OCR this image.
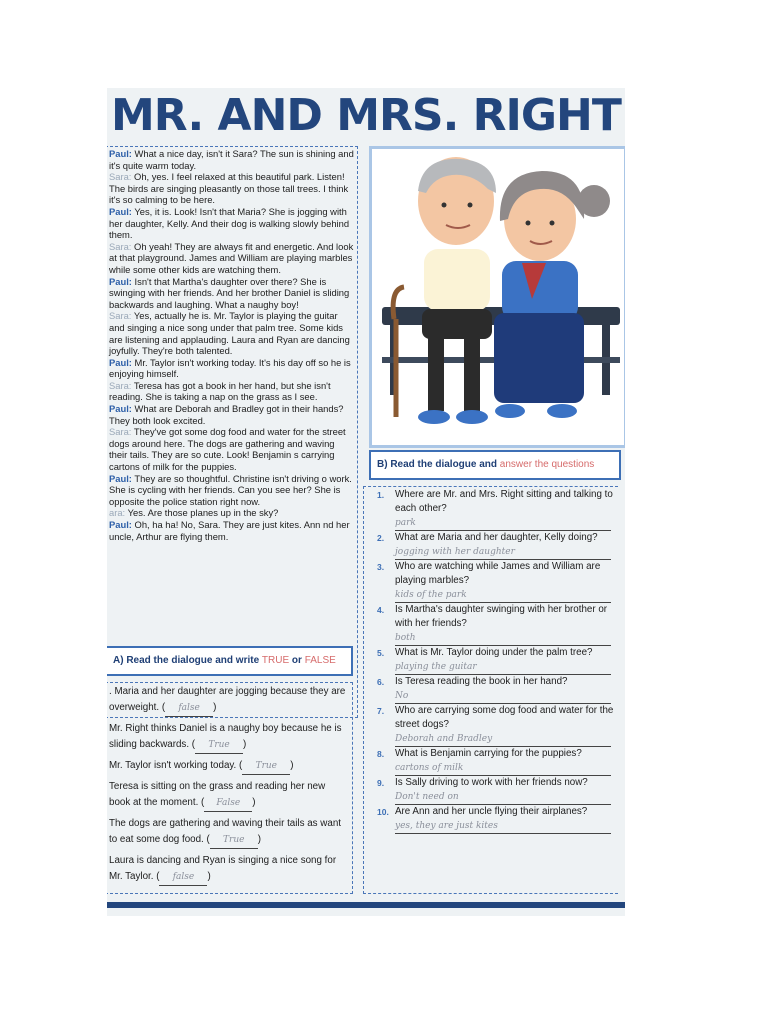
MR. AND MRS. RIGHT

Paul: What a nice day, isn't it Sara? The sun is shining and it's quite warm today.

Sara: Oh, yes. I feel relaxed at this beautiful park. Listen! The birds are singing pleasantly on those tall trees. I think it's so calming to be here.

Paul: Yes, it is. Look! Isn't that Maria? She is jogging with her daughter, Kelly. And their dog is walking slowly behind them.

Sara: Oh yeah! They are always fit and energetic. And look at that playground. James and William are playing marbles while some other kids are watching them.

Paul: Isn't that Martha's daughter over there? She is swinging with her friends. And her brother Daniel is sliding backwards and laughing. What a naughy boy!

Sara: Yes, actually he is. Mr. Taylor is playing the guitar and singing a nice song under that palm tree. Some kids are listening and applauding. Laura and Ryan are dancing joyfully. They're both talented.

Paul: Mr. Taylor isn't working today. It's his day off so he is enjoying himself.

Sara: Teresa has got a book in her hand, but she isn't reading. She is taking a nap on the grass as I see.

Paul: What are Deborah and Bradley got in their hands? They both look excited.

Sara: They've got some dog food and water for the street dogs around here. The dogs are gathering and waving their tails. They are so cute. Look! Benjamin s carrying cartons of milk for the puppies.

Paul: They are so thoughtful. Christine isn't driving o work. She is cycling with her friends. Can you see her? She is opposite the police station right now.

ara: Yes. Are those planes up in the sky?

Paul: Oh, ha ha! No, Sara. They are just kites. Ann nd her uncle, Arthur are flying them.

B) Read the dialogue and answer the questions
1. Where are Mr. and Mrs. Right sitting and talking to each other?
park
2. What are Maria and her daughter, Kelly doing?
jogging with her daughter
3. Who are watching while James and William are playing marbles?
kids of the park
4. Is Martha's daughter swinging with her brother or with her friends?
both
5. What is Mr. Taylor doing under the palm tree?
playing the guitar
6. Is Teresa reading the book in her hand?
No
7. Who are carrying some dog food and water for the street dogs?
Deborah and Bradley
8. What is Benjamin carrying for the puppies?
cartons of milk
9. Is Sally driving to work with her friends now?
Don't need on
10. Are Ann and her uncle flying their airplanes?
yes, they are just kites
A) Read the dialogue and write TRUE or FALSE
. Maria and her daughter are jogging because they are overweight. ( false )
Mr. Right thinks Daniel is a naughy boy because he is sliding backwards. ( True )
Mr. Taylor isn't working today. ( True )
Teresa is sitting on the grass and reading her new book at the moment. ( False )
The dogs are gathering and waving their tails as want to eat some dog food. ( True )
Laura is dancing and Ryan is singing a nice song for Mr. Taylor. ( false )
